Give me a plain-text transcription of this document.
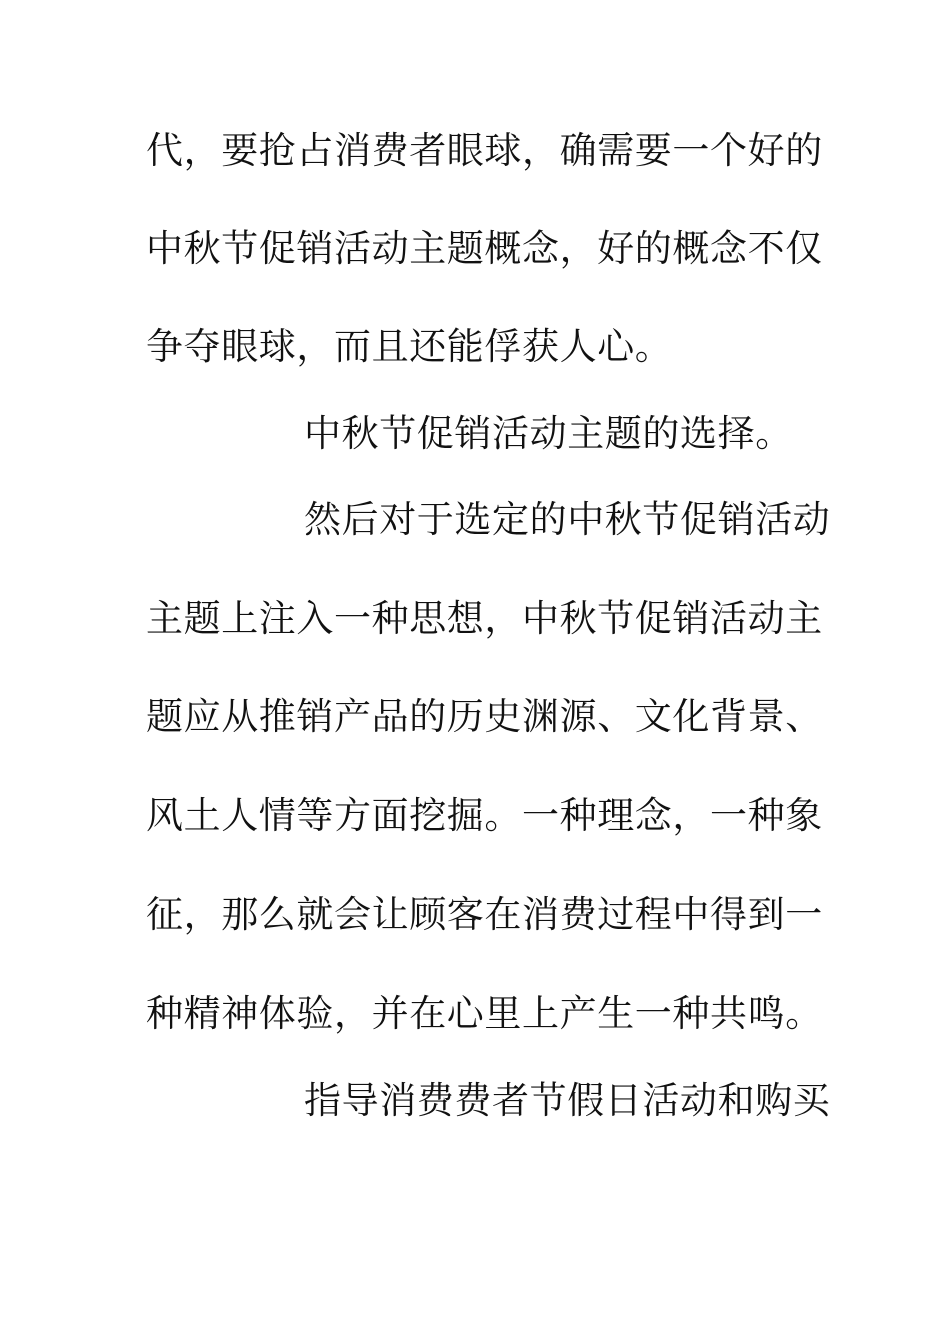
代，要抢占消费者眼球，确需要一个好的
中秋节促销活动主题概念，好的概念不仅
争夺眼球，而且还能俘获人心。
中秋节促销活动主题的选择。
然后对于选定的中秋节促销活动
主题上注入一种思想，中秋节促销活动主
题应从推销产品的历史渊源、文化背景、
风土人情等方面挖掘。一种理念，一种象
征，那么就会让顾客在消费过程中得到一
种精神体验，并在心里上产生一种共鸣。
指导消费费者节假日活动和购买
